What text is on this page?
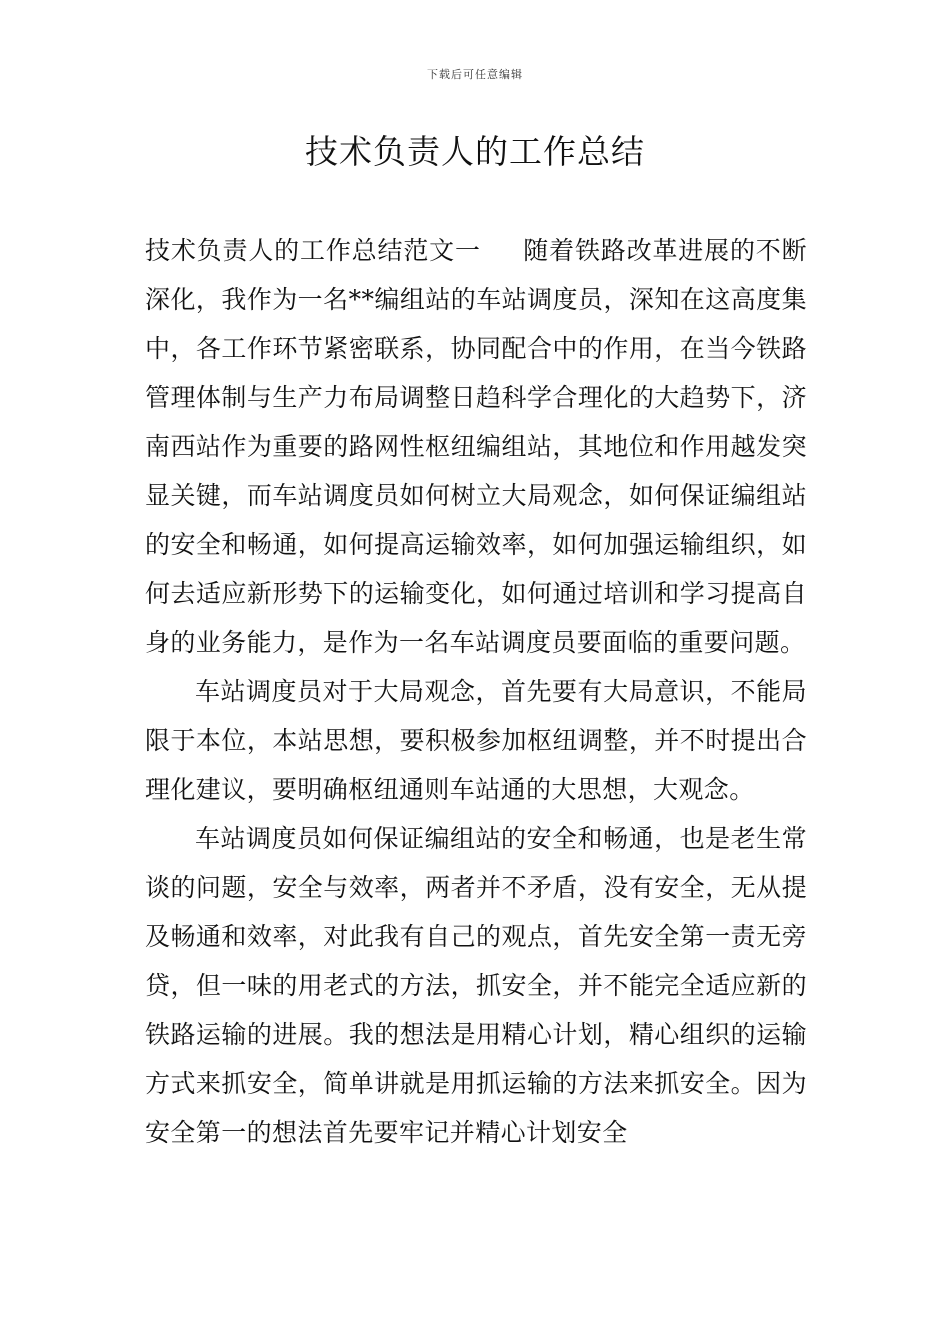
下载后可任意编辑
技术负责人的工作总结

技术负责人的工作总结范文一 随着铁路改革进展的不断深化，我作为一名**编组站的车站调度员，深知在这高度集中，各工作环节紧密联系，协同配合中的作用，在当今铁路管理体制与生产力布局调整日趋科学合理化的大趋势下，济南西站作为重要的路网性枢纽编组站，其地位和作用越发突显关键，而车站调度员如何树立大局观念，如何保证编组站的安全和畅通，如何提高运输效率，如何加强运输组织，如何去适应新形势下的运输变化，如何通过培训和学习提高自身的业务能力，是作为一名车站调度员要面临的重要问题。

车站调度员对于大局观念，首先要有大局意识，不能局限于本位，本站思想，要积极参加枢纽调整，并不时提出合理化建议，要明确枢纽通则车站通的大思想，大观念。

车站调度员如何保证编组站的安全和畅通，也是老生常谈的问题，安全与效率，两者并不矛盾，没有安全，无从提及畅通和效率，对此我有自己的观点，首先安全第一责无旁贷，但一味的用老式的方法，抓安全，并不能完全适应新的铁路运输的进展。我的想法是用精心计划，精心组织的运输方式来抓安全，简单讲就是用抓运输的方法来抓安全。因为安全第一的想法首先要牢记并精心计划安全
